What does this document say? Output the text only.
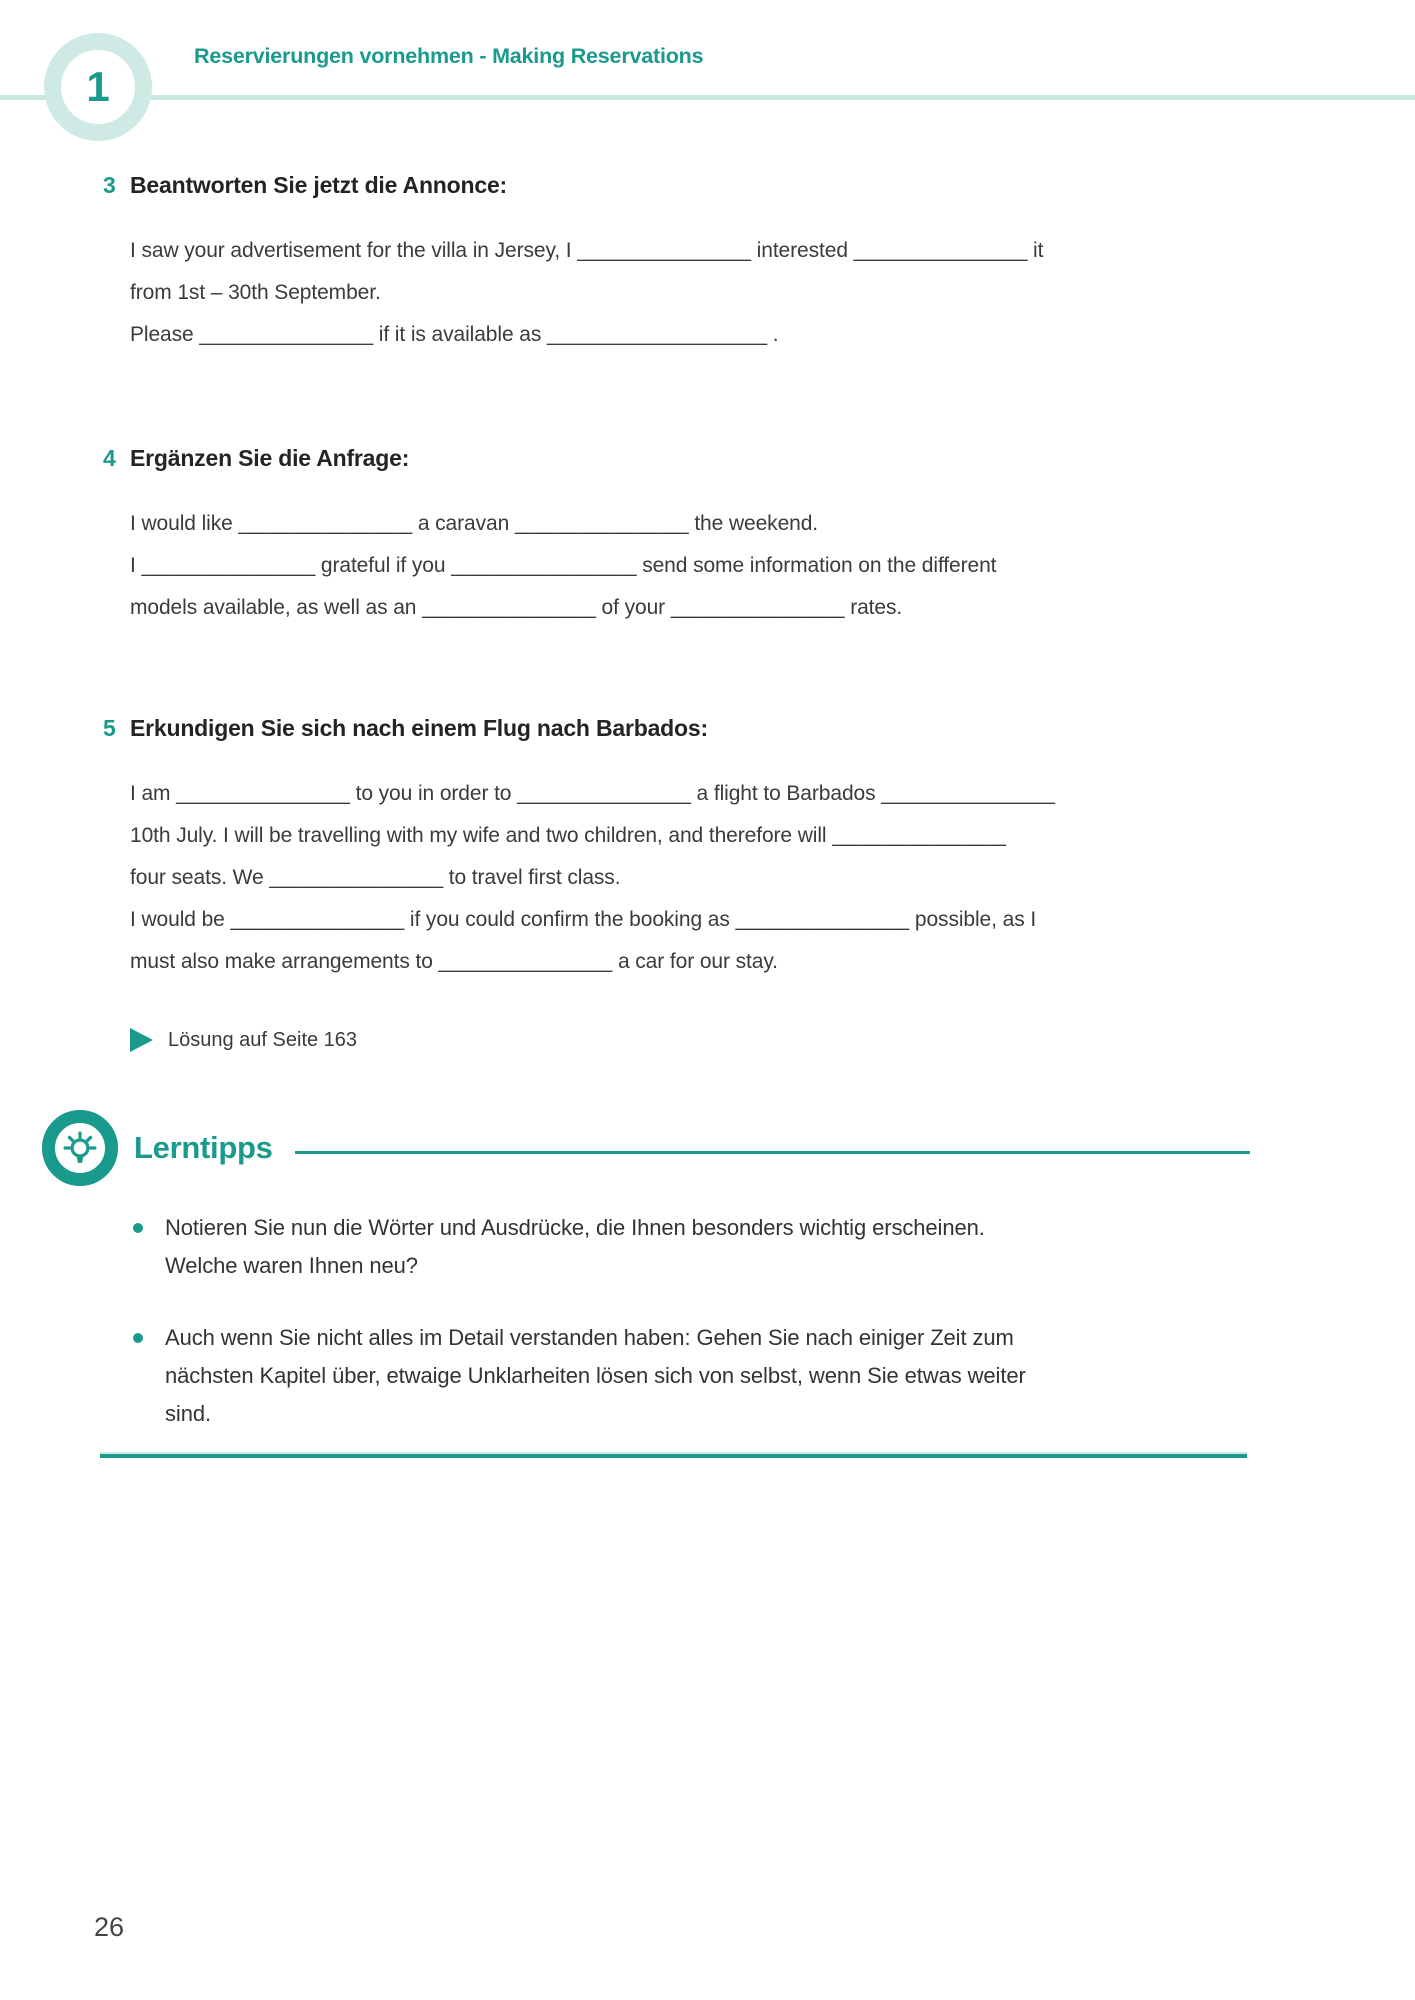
1
Reservierungen vornehmen - Making Reservations
3 Beantworten Sie jetzt die Annonce:
I saw your advertisement for the villa in Jersey, I _______________ interested _______________ it
from 1st – 30th September.
Please _______________ if it is available as ___________________ .
4 Ergänzen Sie die Anfrage:
I would like _______________ a caravan _______________ the weekend.
I _______________ grateful if you ________________ send some information on the different
models available, as well as an _______________ of your _______________ rates.
5 Erkundigen Sie sich nach einem Flug nach Barbados:
I am _______________ to you in order to _______________ a flight to Barbados _______________
10th July. I will be travelling with my wife and two children, and therefore will _______________
four seats. We _______________ to travel first class.
I would be _______________ if you could confirm the booking as _______________ possible, as I
must also make arrangements to _______________ a car for our stay.
Lösung auf Seite 163
Lerntipps
Notieren Sie nun die Wörter und Ausdrücke, die Ihnen besonders wichtig erscheinen.
Welche waren Ihnen neu?
Auch wenn Sie nicht alles im Detail verstanden haben: Gehen Sie nach einiger Zeit zum
nächsten Kapitel über, etwaige Unklarheiten lösen sich von selbst, wenn Sie etwas weiter
sind.
26
